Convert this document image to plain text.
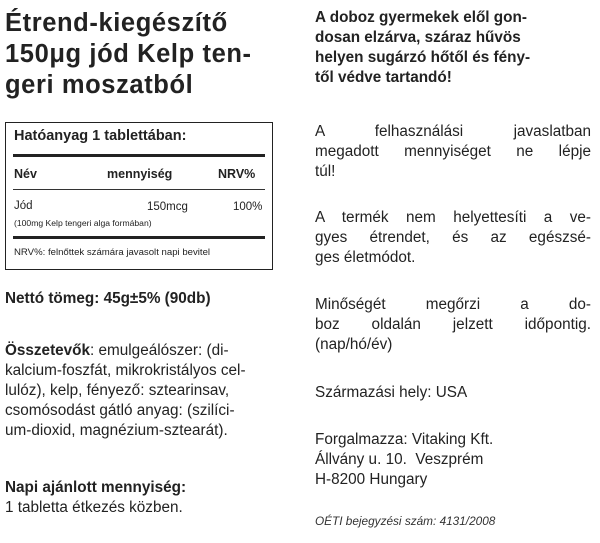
Étrend-kiegészítő
150μg jód Kelp ten-
geri moszatból
Hatóanyag 1 tablettában:
Név	mennyiség	NRV%
Jód	150mcg	100%
(100mg Kelp tengeri alga formában)
NRV%: felnőttek számára javasolt napi bevitel

Nettó tömeg: 45g±5% (90db)

Összetevők: emulgeálószer: (di-
kalcium-foszfát, mikrokristályos cel-
lulóz), kelp, fényező: sztearinsav,
csomósodást gátló anyag: (szilíci-
um-dioxid, magnézium-sztearát).

Napi ajánlott mennyiség:

1 tabletta étkezés közben.

A doboz gyermekek elől gon-
dosan elzárva, száraz hűvös
helyen sugárzó hőtől és fény-
től védve tartandó!

A felhasználási javaslatban
megadott mennyiséget ne lépje
túl!

A termék nem helyettesíti a ve-
gyes étrendet, és az egészsé-
ges életmódot.

Minőségét megőrzi a do-
boz oldalán jelzett időpontig.
(nap/hó/év)

Származási hely: USA

Forgalmazza: Vitaking Kft.
Állvány u. 10.  Veszprém
H-8200 Hungary

OÉTI bejegyzési szám: 4131/2008
